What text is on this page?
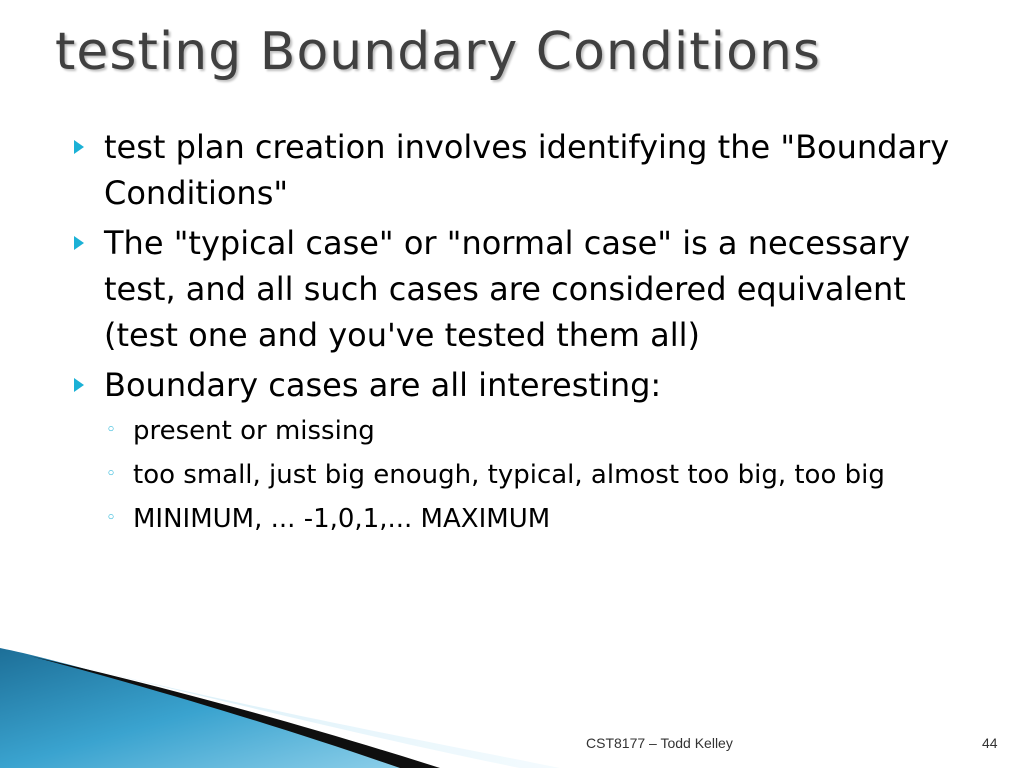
testing Boundary Conditions
test plan creation involves identifying the "Boundary Conditions"
The "typical case" or "normal case" is a necessary test, and all such cases are considered equivalent (test one and you've tested them all)
Boundary cases are all interesting:
◦ present or missing
◦ too small, just big enough, typical, almost too big, too big
◦ MINIMUM, ... -1,0,1,... MAXIMUM
CST8177 – Todd Kelley	44
